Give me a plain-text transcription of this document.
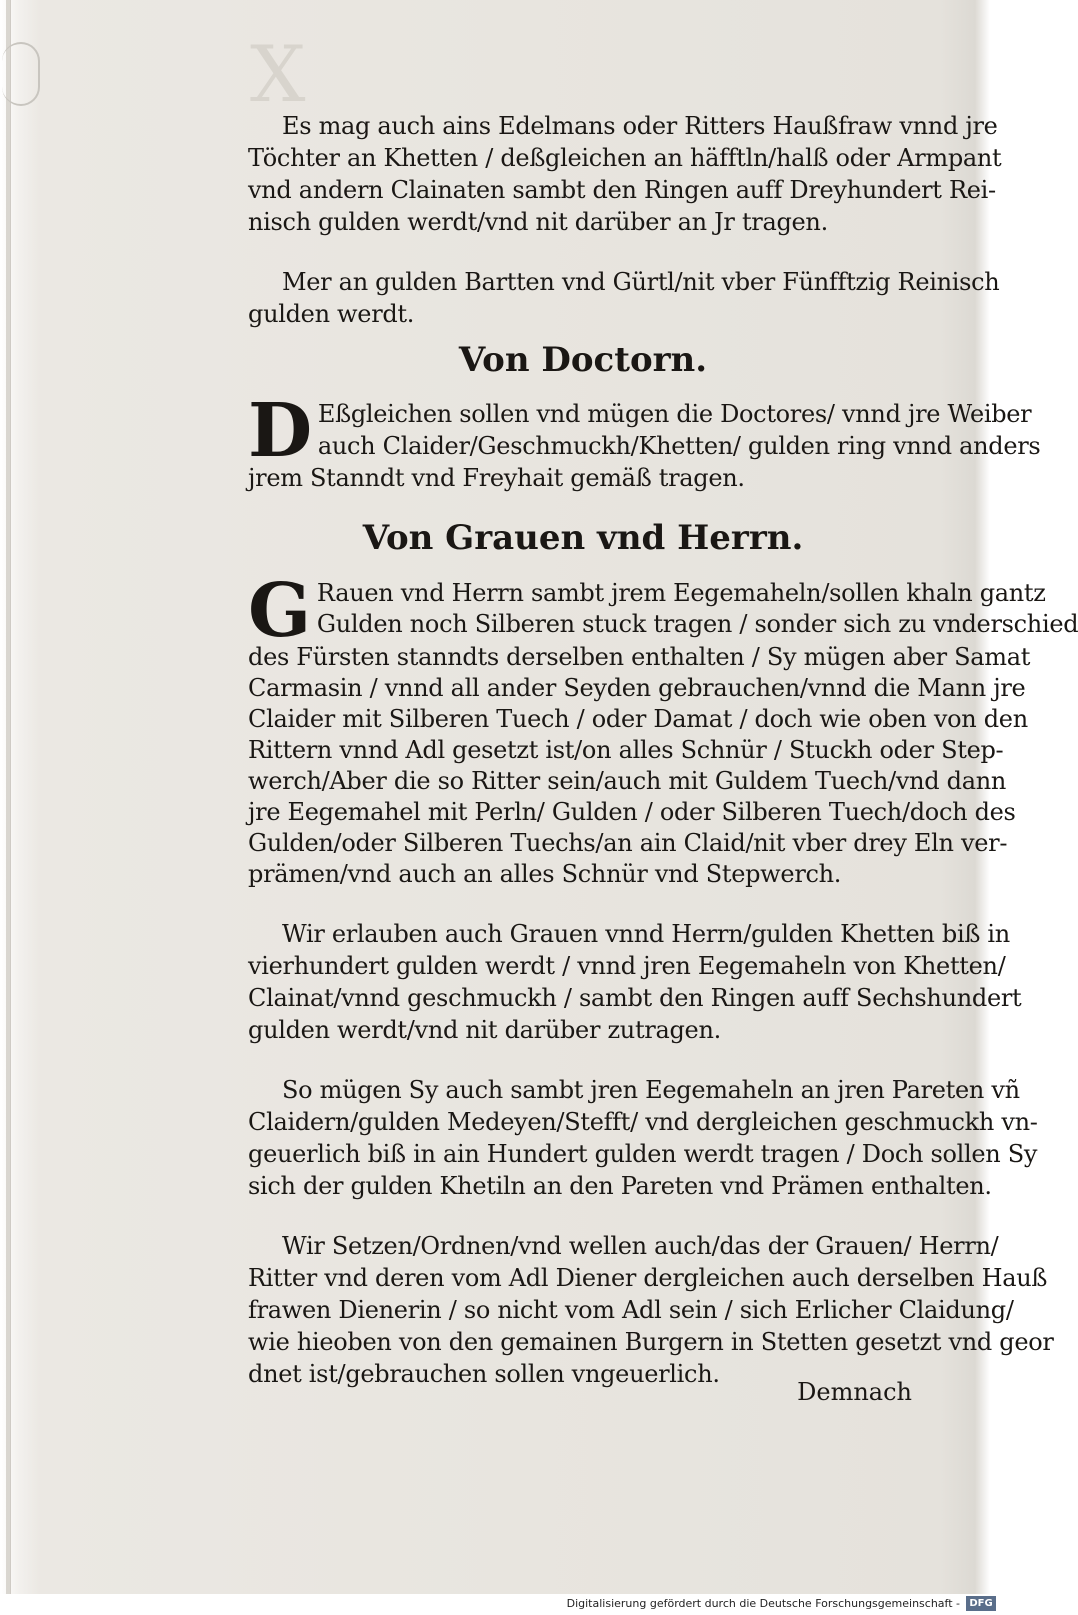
X
Es mag auch ains Edelmans oder Ritters Haußfraw vnnd jre
Töchter an Khetten / deßgleichen an häfftln/halß oder Armpant
vnd andern Clainaten sambt den Ringen auff Dreyhundert Rei-
nisch gulden werdt/vnd nit darüber an Jr tragen.
Mer an gulden Bartten vnd Gürtl/nit vber Fünfftzig Reinisch
gulden werdt.
Von Doctorn.
D Eßgleichen sollen vnd mügen die Doctores/ vnnd jre Weiber
auch Claider/Geschmuckh/Khetten/ gulden ring vnnd anders
jrem Stanndt vnd Freyhait gemäß tragen.
Von Grauen vnd Herrn.
G Rauen vnd Herrn sambt jrem Eegemaheln/sollen khaln gantz
Gulden noch Silberen stuck tragen / sonder sich zu vnderschied
des Fürsten stanndts derselben enthalten / Sy mügen aber Samat
Carmasin / vnnd all ander Seyden gebrauchen/vnnd die Mann jre
Claider mit Silberen Tuech / oder Damat / doch wie oben von den
Rittern vnnd Adl gesetzt ist/on alles Schnür / Stuckh oder Step-
werch/Aber die so Ritter sein/auch mit Guldem Tuech/vnd dann
jre Eegemahel mit Perln/ Gulden / oder Silberen Tuech/doch des
Gulden/oder Silberen Tuechs/an ain Claid/nit vber drey Eln ver-
prämen/vnd auch an alles Schnür vnd Stepwerch.
Wir erlauben auch Grauen vnnd Herrn/gulden Khetten biß in
vierhundert gulden werdt / vnnd jren Eegemaheln von Khetten/
Clainat/vnnd geschmuckh / sambt den Ringen auff Sechshundert
gulden werdt/vnd nit darüber zutragen.
So mügen Sy auch sambt jren Eegemaheln an jren Pareten vñ
Claidern/gulden Medeyen/Stefft/ vnd dergleichen geschmuckh vn-
geuerlich biß in ain Hundert gulden werdt tragen / Doch sollen Sy
sich der gulden Khetiln an den Pareten vnd Prämen enthalten.
Wir Setzen/Ordnen/vnd wellen auch/das der Grauen/ Herrn/
Ritter vnd deren vom Adl Diener dergleichen auch derselben Hauß
frawen Dienerin / so nicht vom Adl sein / sich Erlicher Claidung/
wie hieoben von den gemainen Burgern in Stetten gesetzt vnd geor
dnet ist/gebrauchen sollen vngeuerlich.
Demnach
Digitalisierung gefördert durch die Deutsche Forschungsgemeinschaft - DFG
